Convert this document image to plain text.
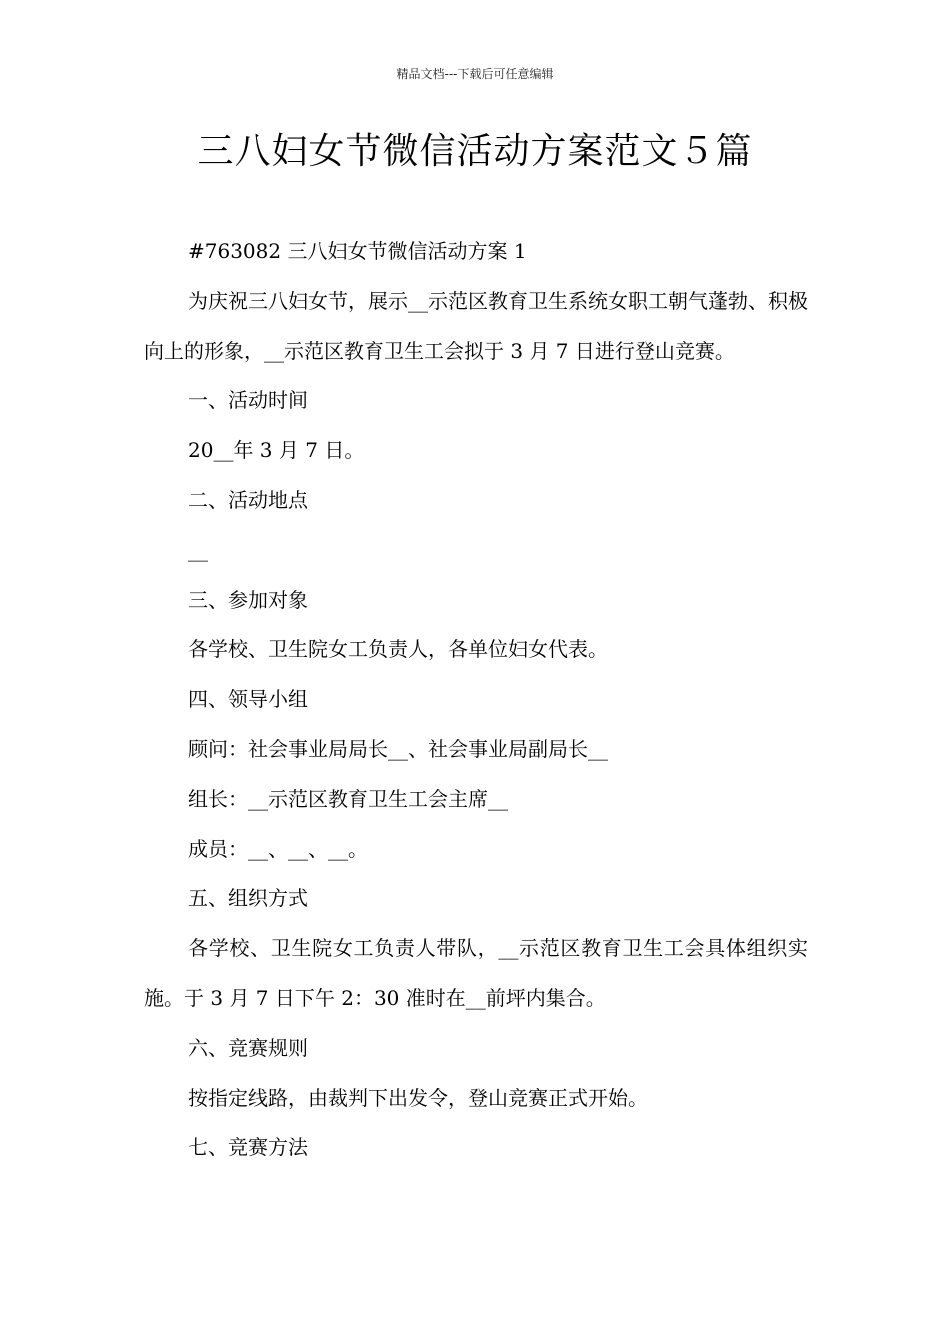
精品文档---下载后可任意编辑
三八妇女节微信活动方案范文５篇

#763082 三八妇女节微信活动方案 1

为庆祝三八妇女节，展示__示范区教育卫生系统女职工朝气蓬勃、积极向上的形象，__示范区教育卫生工会拟于 3 月 7 日进行登山竞赛。

一、活动时间

20__年 3 月 7 日。

二、活动地点

__

三、参加对象

各学校、卫生院女工负责人，各单位妇女代表。

四、领导小组

顾问：社会事业局局长__、社会事业局副局长__

组长：__示范区教育卫生工会主席__

成员：__、__、__。

五、组织方式

各学校、卫生院女工负责人带队，__示范区教育卫生工会具体组织实施。于 3 月 7 日下午 2：30 准时在__前坪内集合。

六、竞赛规则

按指定线路，由裁判下出发令，登山竞赛正式开始。

七、竞赛方法
